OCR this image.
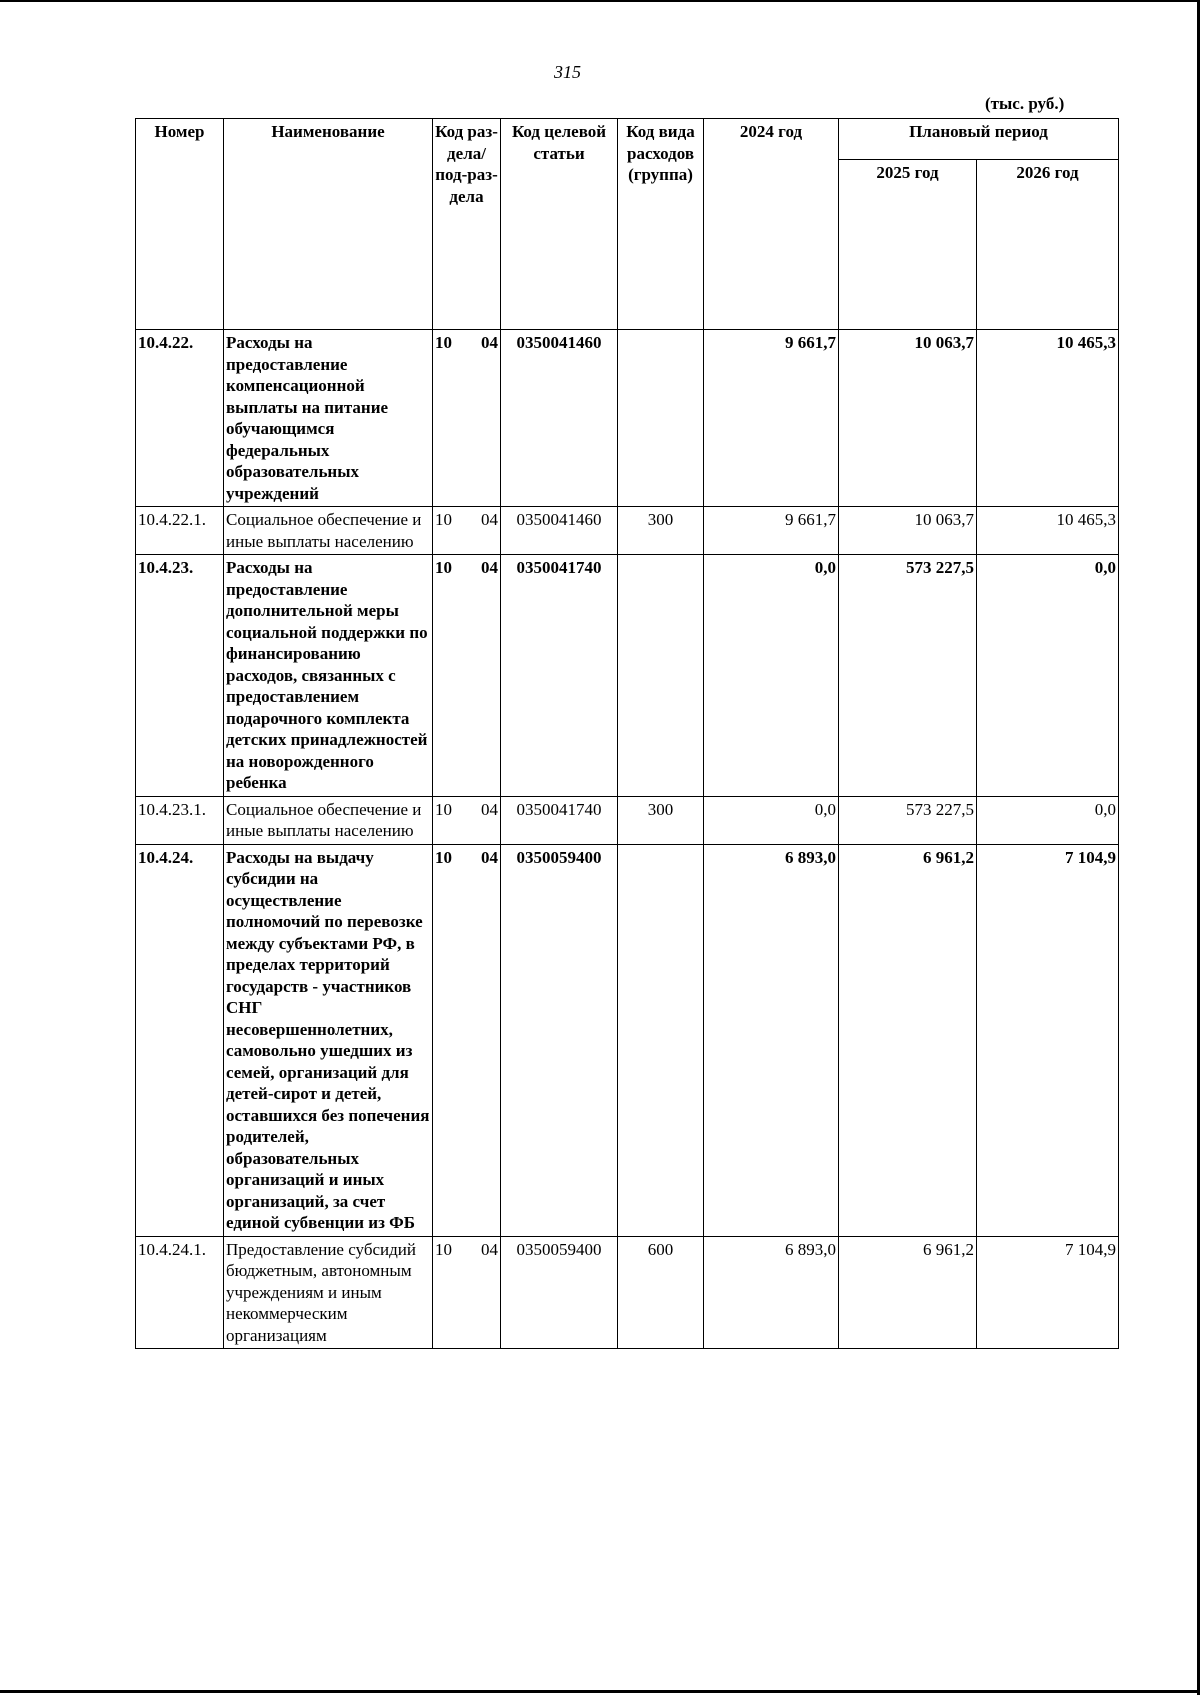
315
(тыс. руб.)
Номер	Наименование	Код раз-дела/ под-раз-дела	Код целевой статьи	Код вида расходов (группа)	2024 год	Плановый период	
						2025 год	2026 год
10.4.22.	Расходы на предоставление компенсационной выплаты на питание обучающимся федеральных образовательных учреждений	10 04	0350041460		9 661,7	10 063,7	10 465,3
10.4.22.1.	Социальное обеспечение и иные выплаты населению	10 04	0350041460	300	9 661,7	10 063,7	10 465,3
10.4.23.	Расходы на предоставление дополнительной меры социальной поддержки по финансированию расходов, связанных с предоставлением подарочного комплекта детских принадлежностей на новорожденного ребенка	10 04	0350041740		0,0	573 227,5	0,0
10.4.23.1.	Социальное обеспечение и иные выплаты населению	10 04	0350041740	300	0,0	573 227,5	0,0
10.4.24.	Расходы на выдачу субсидии на осуществление полномочий по перевозке между субъектами РФ, в пределах территорий государств - участников СНГ несовершеннолетних, самовольно ушедших из семей, организаций для детей-сирот и детей, оставшихся без попечения родителей, образовательных организаций и иных организаций, за счет единой субвенции из ФБ	10 04	0350059400		6 893,0	6 961,2	7 104,9
10.4.24.1.	Предоставление субсидий бюджетным, автономным учреждениям и иным некоммерческим организациям	10 04	0350059400	600	6 893,0	6 961,2	7 104,9
